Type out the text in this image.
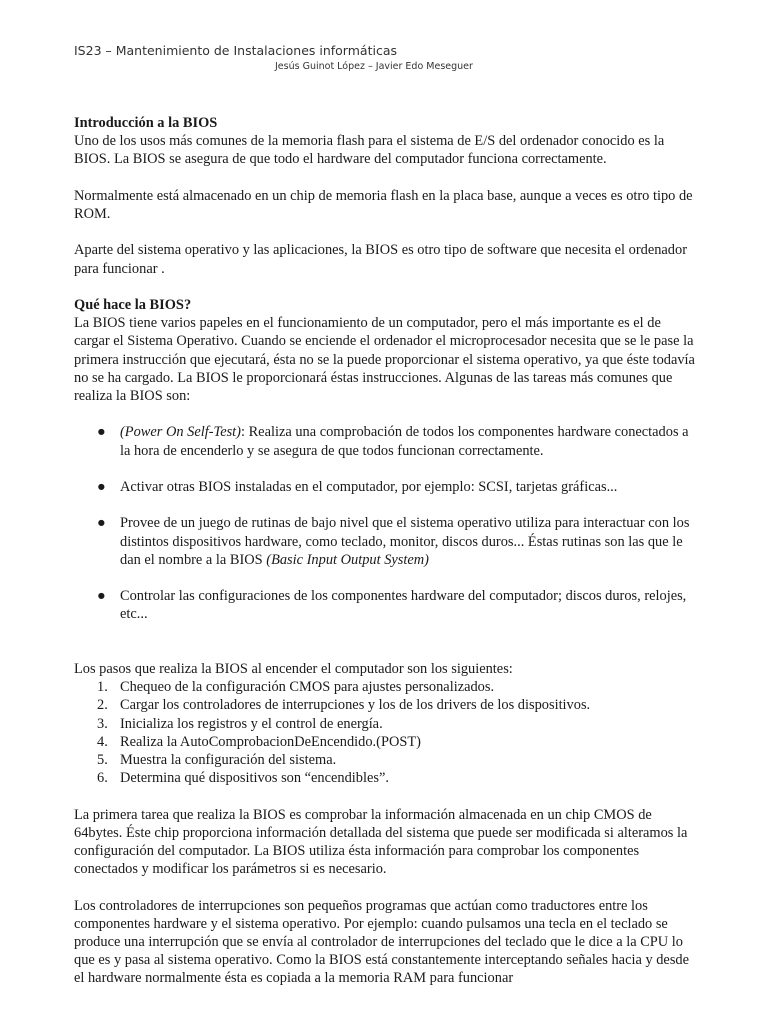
IS23 – Mantenimiento de Instalaciones informáticas
Jesús Guinot López – Javier Edo Meseguer

Introducción a la BIOS

Uno de los usos más comunes de la memoria flash para el sistema de E/S del ordenador conocido es la BIOS. La BIOS se asegura de que todo el hardware del computador funciona correctamente.

Normalmente está almacenado en un chip de memoria flash en la placa base, aunque a veces es otro tipo de ROM.

Aparte del sistema operativo y las aplicaciones, la BIOS es otro tipo de software que necesita el ordenador para funcionar .

Qué hace la BIOS?

La BIOS tiene varios papeles en el funcionamiento de un computador, pero el más importante es el de cargar el Sistema Operativo. Cuando se enciende el ordenador el microprocesador necesita que se le pase la primera instrucción que ejecutará, ésta no se la puede proporcionar el sistema operativo, ya que éste todavía no se ha cargado. La BIOS le proporcionará éstas instrucciones. Algunas de las tareas más comunes que realiza la BIOS son:

● (Power On Self-Test): Realiza una comprobación de todos los componentes hardware conectados a la hora de encenderlo y se asegura de que todos funcionan correctamente.
● Activar otras BIOS instaladas en el computador, por ejemplo: SCSI, tarjetas gráficas...
● Provee de un juego de rutinas de bajo nivel que el sistema operativo utiliza para interactuar con los distintos dispositivos hardware, como teclado, monitor, discos duros... Éstas rutinas son las que le dan el nombre a la BIOS (Basic Input Output System)
● Controlar las configuraciones de los componentes hardware del computador; discos duros, relojes, etc...

Los pasos que realiza la BIOS al encender el computador son los siguientes:

1. Chequeo de la configuración CMOS para ajustes personalizados.
2. Cargar los controladores de interrupciones y los de los drivers de los dispositivos.
3. Inicializa los registros y el control de energía.
4. Realiza la AutoComprobacionDeEncendido.(POST)
5. Muestra la configuración del sistema.
6. Determina qué dispositivos son “encendibles”.

La primera tarea que realiza la BIOS es comprobar la información almacenada en un chip CMOS de 64bytes. Éste chip proporciona información detallada del sistema que puede ser modificada si alteramos la configuración del computador. La BIOS utiliza ésta información para comprobar los componentes conectados y modificar los parámetros si es necesario.

Los controladores de interrupciones son pequeños programas que actúan como traductores entre los componentes hardware y el sistema operativo. Por ejemplo: cuando pulsamos una tecla en el teclado se produce una interrupción que se envía al controlador de interrupciones del teclado que le dice a la CPU lo que es y pasa al sistema operativo. Como la BIOS está constantemente interceptando señales hacia y desde el hardware normalmente ésta es copiada a la memoria RAM para funcionar
